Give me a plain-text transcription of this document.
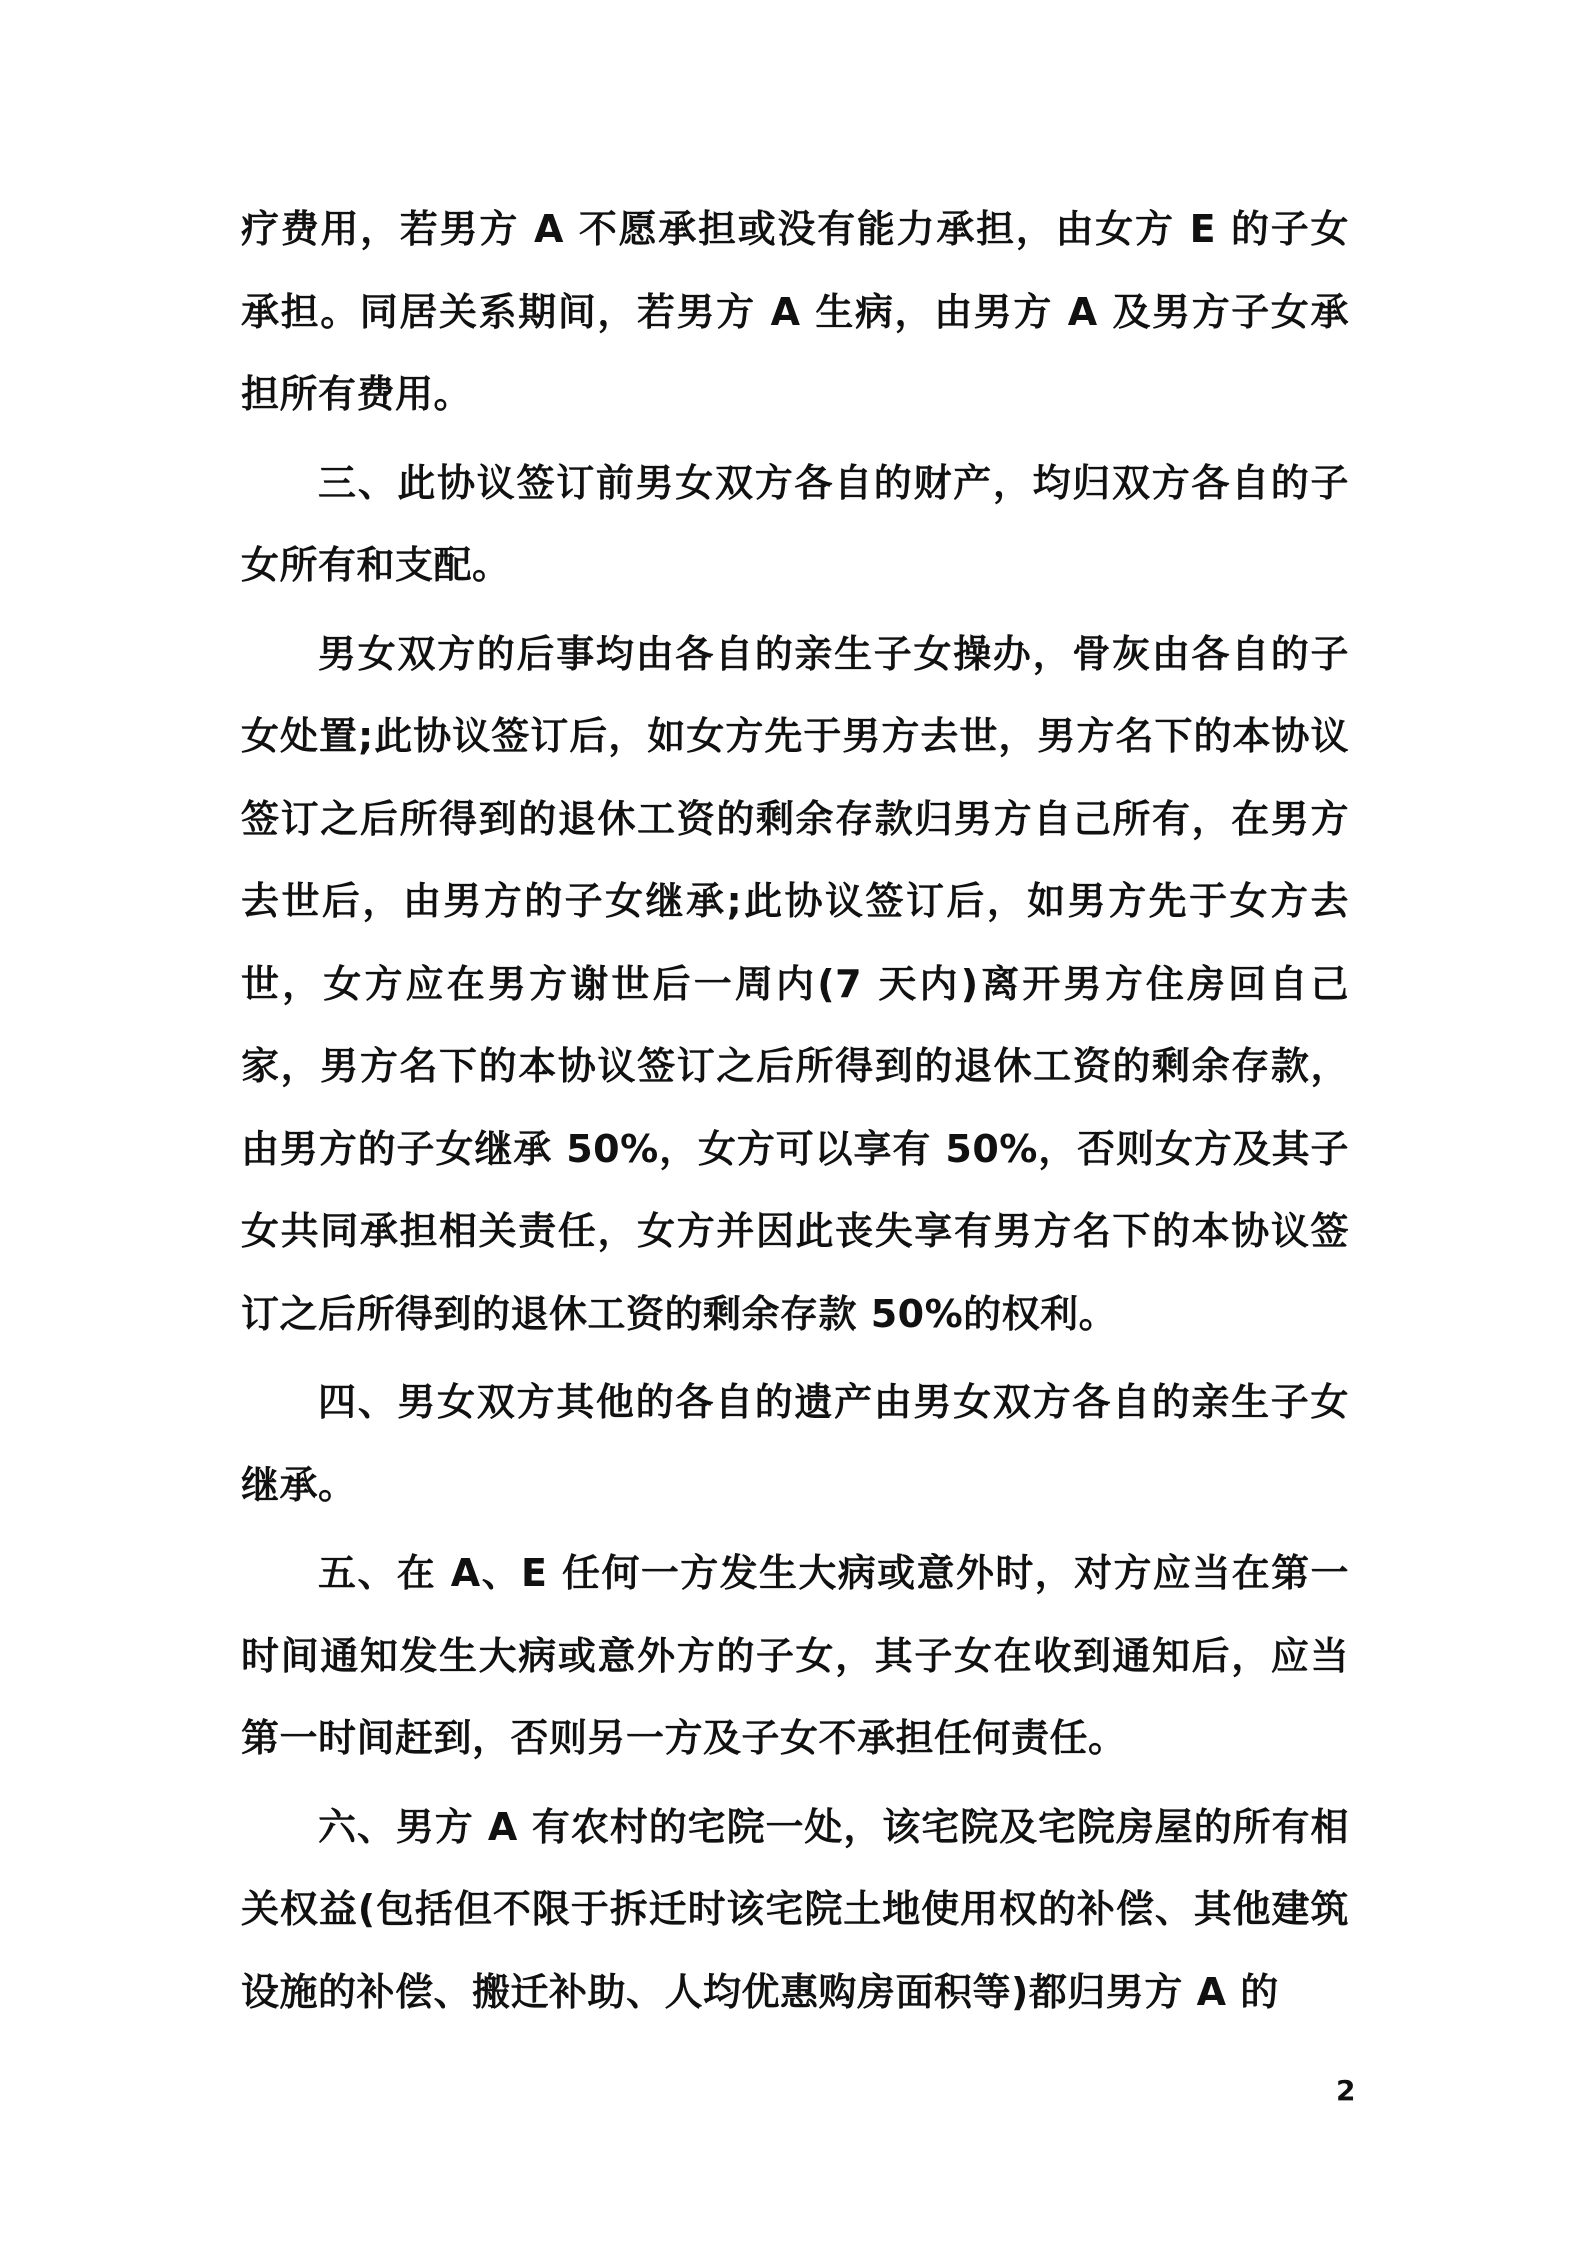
疗费用，若男方 A 不愿承担或没有能力承担，由女方 E 的子女承担。同居关系期间，若男方 A 生病，由男方 A 及男方子女承担所有费用。

三、此协议签订前男女双方各自的财产，均归双方各自的子女所有和支配。

男女双方的后事均由各自的亲生子女操办，骨灰由各自的子女处置;此协议签订后，如女方先于男方去世，男方名下的本协议签订之后所得到的退休工资的剩余存款归男方自己所有，在男方去世后，由男方的子女继承;此协议签订后，如男方先于女方去世，女方应在男方谢世后一周内(7 天内)离开男方住房回自己家，男方名下的本协议签订之后所得到的退休工资的剩余存款，由男方的子女继承 50%，女方可以享有 50%，否则女方及其子女共同承担相关责任，女方并因此丧失享有男方名下的本协议签订之后所得到的退休工资的剩余存款 50%的权利。

四、男女双方其他的各自的遗产由男女双方各自的亲生子女继承。

五、在 A、E 任何一方发生大病或意外时，对方应当在第一时间通知发生大病或意外方的子女，其子女在收到通知后，应当第一时间赶到，否则另一方及子女不承担任何责任。

六、男方 A 有农村的宅院一处，该宅院及宅院房屋的所有相关权益(包括但不限于拆迁时该宅院土地使用权的补偿、其他建筑设施的补偿、搬迁补助、人均优惠购房面积等)都归男方 A 的

2
